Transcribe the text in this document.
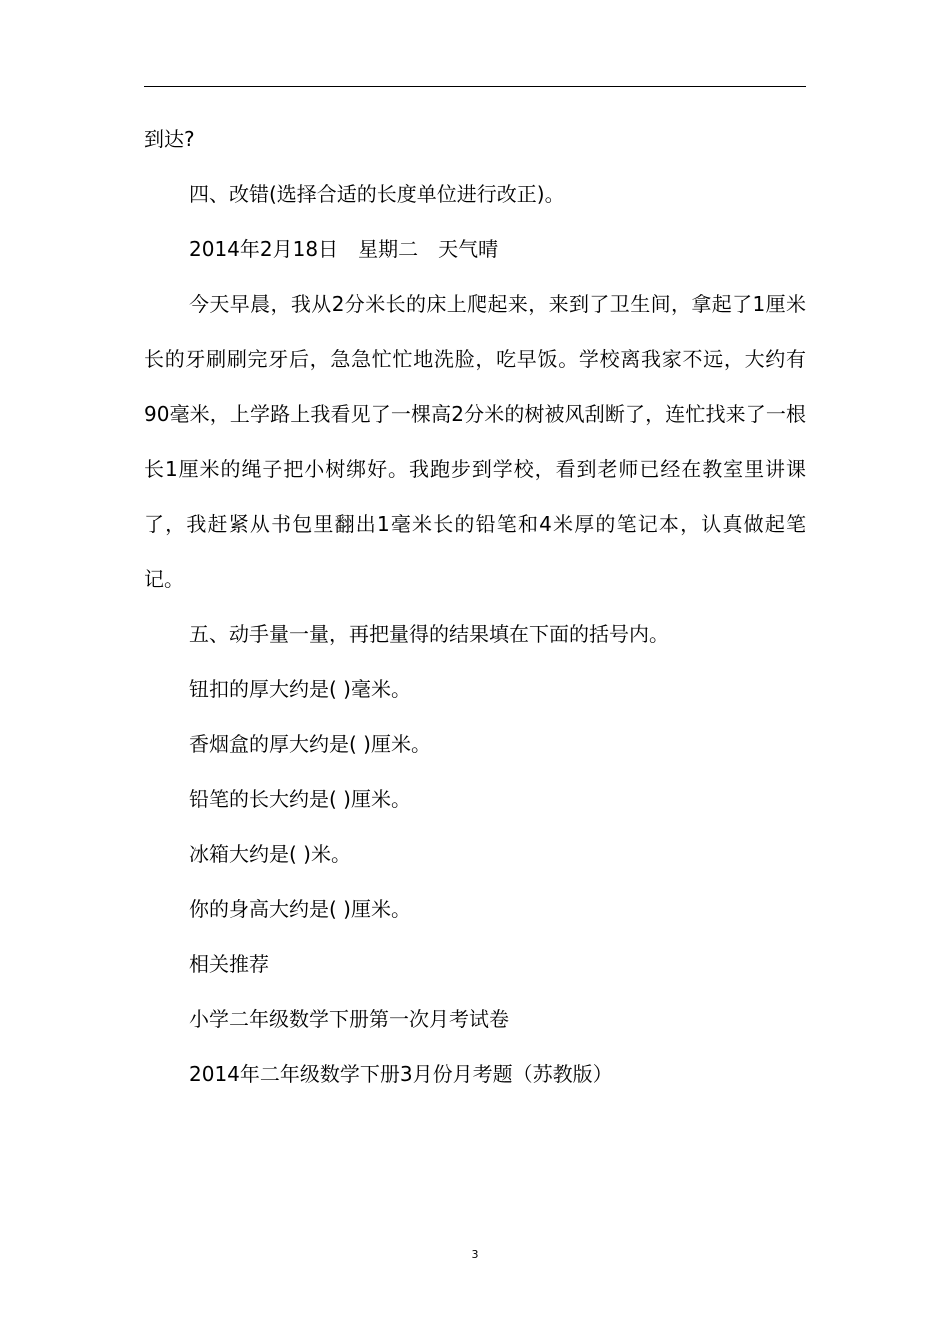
到达?

四、改错(选择合适的长度单位进行改正)。

2014年2月18日　星期二　天气晴

今天早晨，我从2分米长的床上爬起来，来到了卫生间，拿起了1厘米长的牙刷刷完牙后，急急忙忙地洗脸，吃早饭。学校离我家不远，大约有90毫米，上学路上我看见了一棵高2分米的树被风刮断了，连忙找来了一根长1厘米的绳子把小树绑好。我跑步到学校，看到老师已经在教室里讲课了，我赶紧从书包里翻出1毫米长的铅笔和4米厚的笔记本，认真做起笔记。

五、动手量一量，再把量得的结果填在下面的括号内。

钮扣的厚大约是( )毫米。

香烟盒的厚大约是( )厘米。

铅笔的长大约是( )厘米。

冰箱大约是( )米。

你的身高大约是( )厘米。

相关推荐

小学二年级数学下册第一次月考试卷

2014年二年级数学下册3月份月考题（苏教版）

3
